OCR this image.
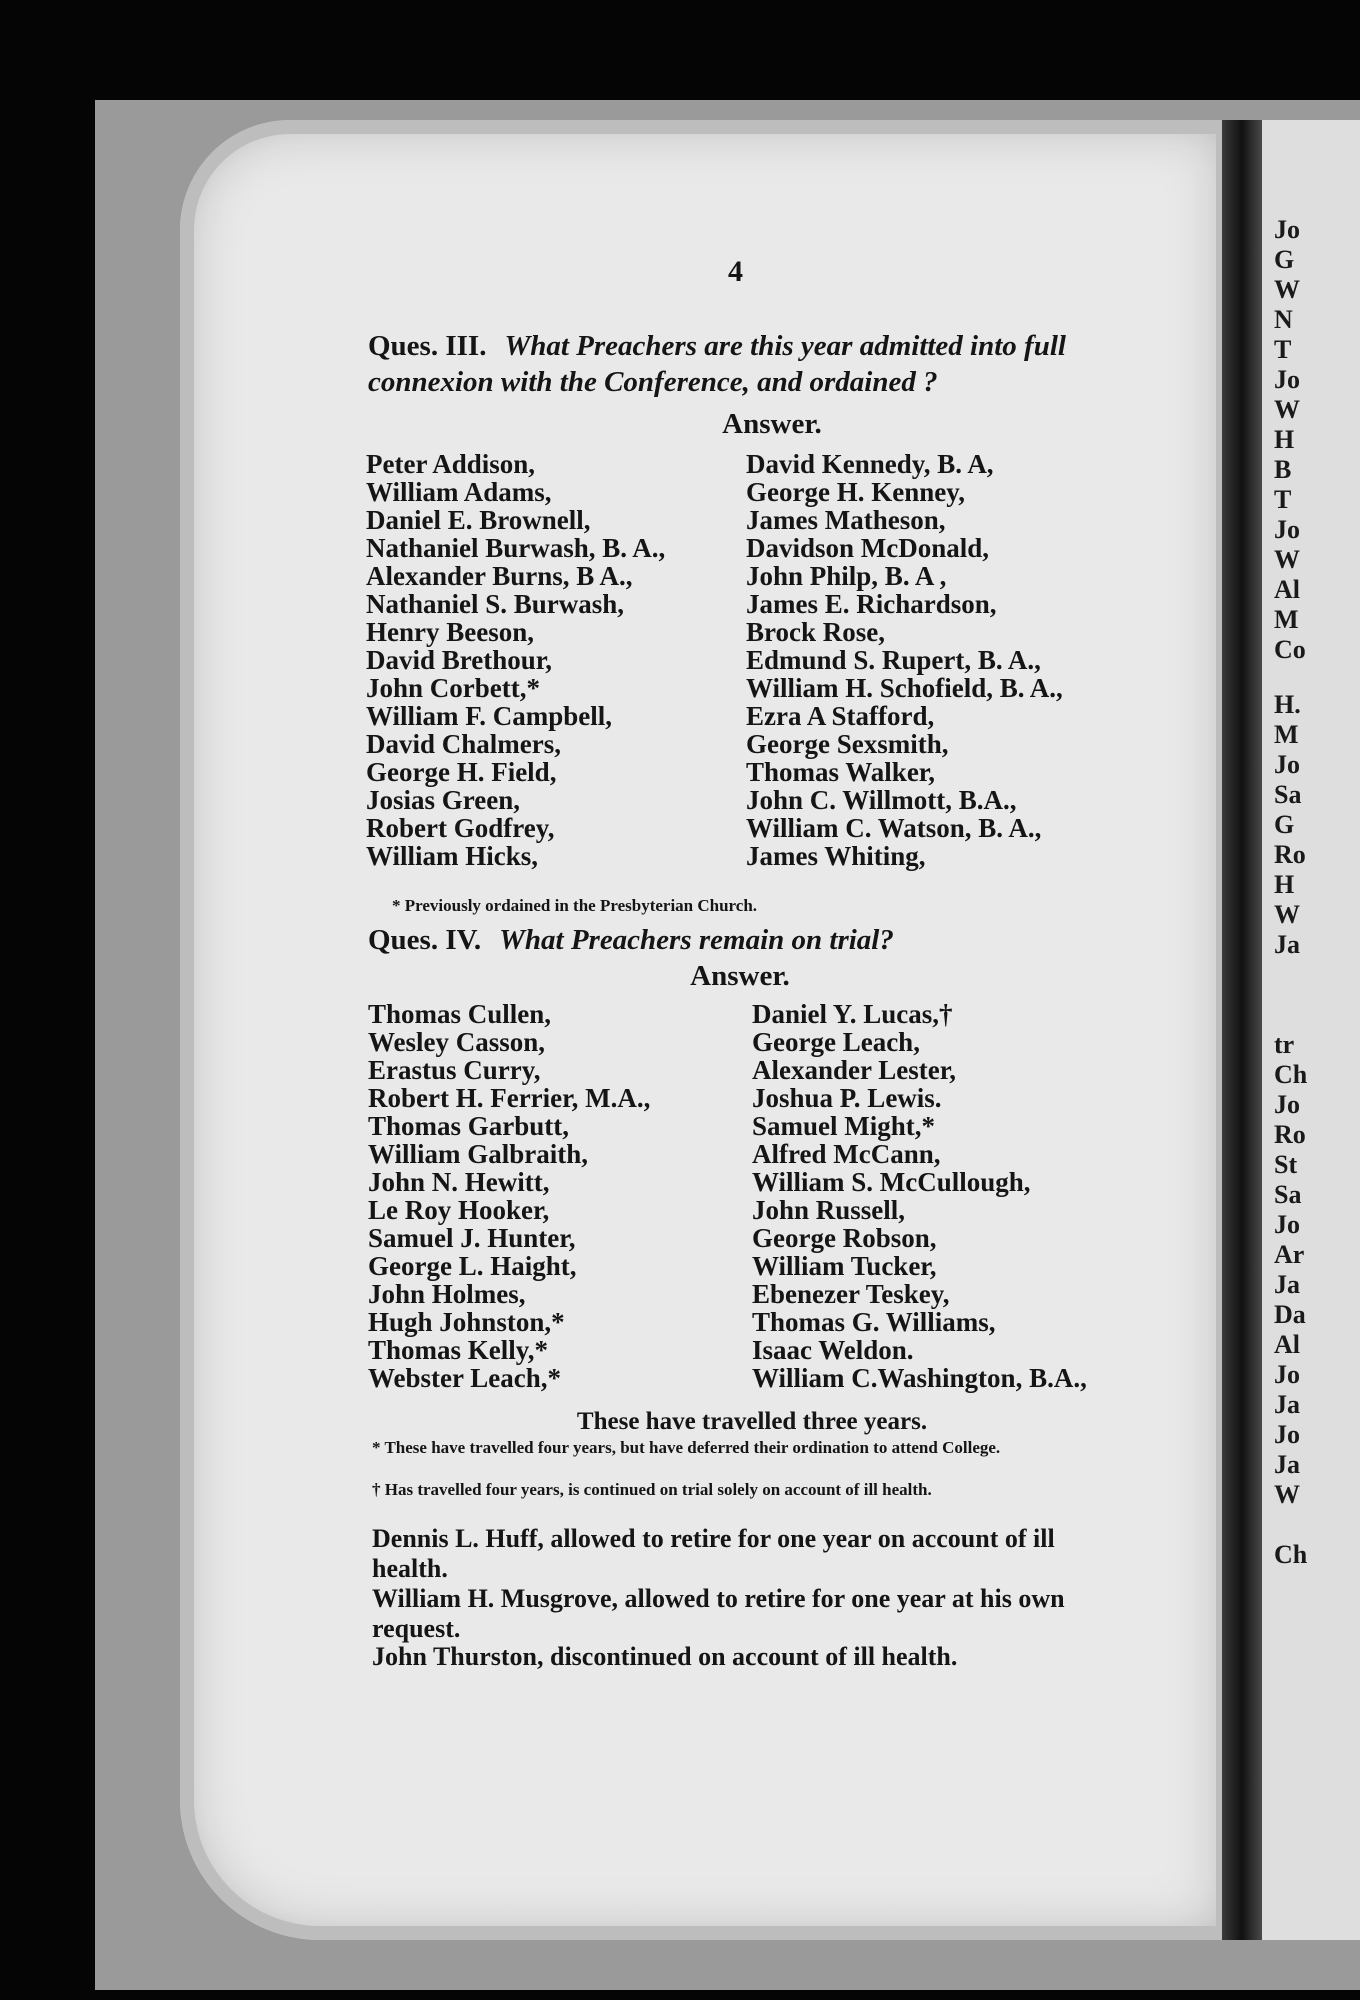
Jo
G
W
N
T
Jo
W
H
B
T
Jo
W
Al
M
Co
H.
M
Jo
Sa
G
Ro
H
W
Ja
tr
Ch
Jo
Ro
St
Sa
Jo
Ar
Ja
Da
Al
Jo
Ja
Jo
Ja
W
Ch
4
Ques. III. What Preachers are this year admitted into full connexion with the Conference, and ordained ?
Answer.
Peter Addison,
William Adams,
Daniel E. Brownell,
Nathaniel Burwash, B. A.,
Alexander Burns, B A.,
Nathaniel S. Burwash,
Henry Beeson,
David Brethour,
John Corbett,*
William F. Campbell,
David Chalmers,
George H. Field,
Josias Green,
Robert Godfrey,
William Hicks,
David Kennedy, B. A,
George H. Kenney,
James Matheson,
Davidson McDonald,
John Philp, B. A ,
James E. Richardson,
Brock Rose,
Edmund S. Rupert, B. A.,
William H. Schofield, B. A.,
Ezra A Stafford,
George Sexsmith,
Thomas Walker,
John C. Willmott, B.A.,
William C. Watson, B. A.,
James Whiting,
* Previously ordained in the Presbyterian Church.
Ques. IV. What Preachers remain on trial?
Answer.
Thomas Cullen,
Wesley Casson,
Erastus Curry,
Robert H. Ferrier, M.A.,
Thomas Garbutt,
William Galbraith,
John N. Hewitt,
Le Roy Hooker,
Samuel J. Hunter,
George L. Haight,
John Holmes,
Hugh Johnston,*
Thomas Kelly,*
Webster Leach,*
Daniel Y. Lucas,†
George Leach,
Alexander Lester,
Joshua P. Lewis.
Samuel Might,*
Alfred McCann,
William S. McCullough,
John Russell,
George Robson,
William Tucker,
Ebenezer Teskey,
Thomas G. Williams,
Isaac Weldon.
William C.Washington, B.A.,
These have travelled three years.
* These have travelled four years, but have deferred their ordination to attend College.
† Has travelled four years, is continued on trial solely on account of ill health.
Dennis L. Huff, allowed to retire for one year on account of ill health.
William H. Musgrove, allowed to retire for one year at his own request.
John Thurston, discontinued on account of ill health.
